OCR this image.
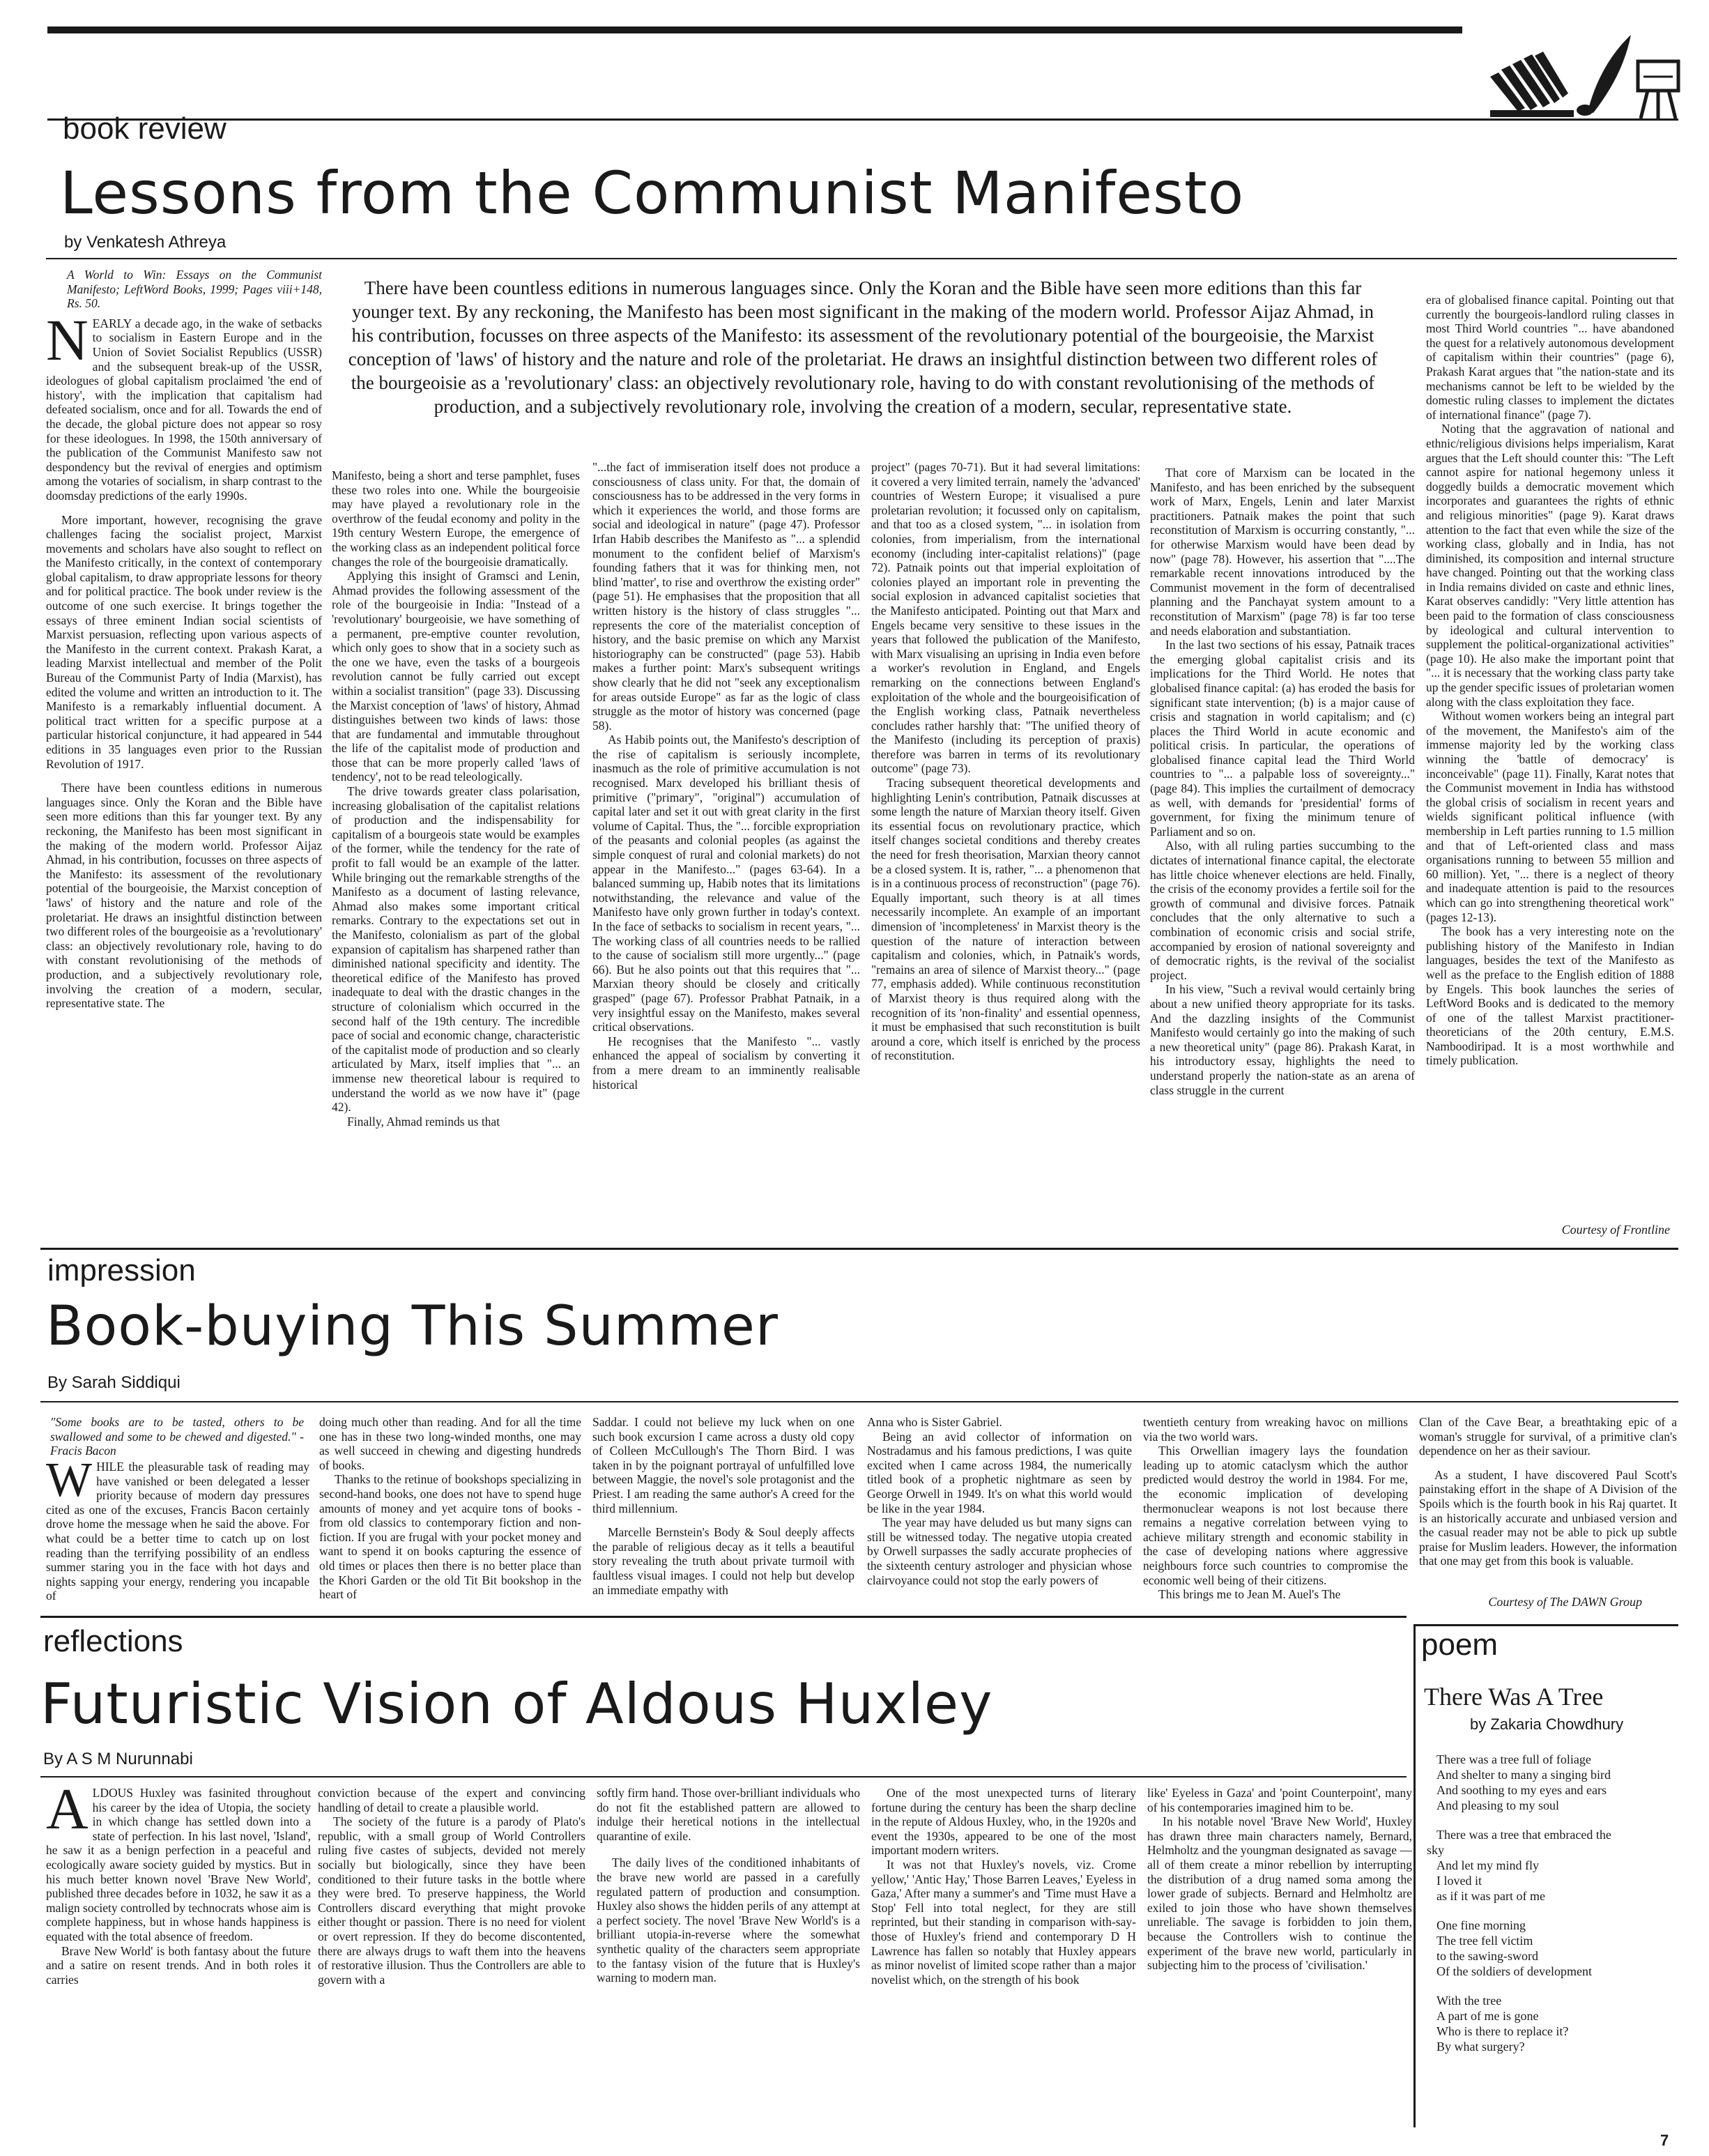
book review
Lessons from the Communist Manifesto
by Venkatesh Athreya

A World to Win: Essays on the Communist Manifesto; LeftWord Books, 1999; Pages viii+148, Rs. 50.

NEARLY a decade ago, in the wake of setbacks to socialism in Eastern Europe and in the Union of Soviet Socialist Republics (USSR) and the subsequent break-up of the USSR, ideologues of global capitalism proclaimed 'the end of history', with the implication that capitalism had defeated socialism, once and for all. Towards the end of the decade, the global picture does not appear so rosy for these ideologues. In 1998, the 150th anniversary of the publication of the Communist Manifesto saw not despondency but the revival of energies and optimism among the votaries of socialism, in sharp contrast to the doomsday predictions of the early 1990s.

More important, however, recognising the grave challenges facing the socialist project, Marxist movements and scholars have also sought to reflect on the Manifesto critically, in the context of contemporary global capitalism, to draw appropriate lessons for theory and for political practice. The book under review is the outcome of one such exercise. It brings together the essays of three eminent Indian social scientists of Marxist persuasion, reflecting upon various aspects of the Manifesto in the current context. Prakash Karat, a leading Marxist intellectual and member of the Polit Bureau of the Communist Party of India (Marxist), has edited the volume and written an introduction to it. The Manifesto is a remarkably influential document. A political tract written for a specific purpose at a particular historical conjuncture, it had appeared in 544 editions in 35 languages even prior to the Russian Revolution of 1917.

There have been countless editions in numerous languages since. Only the Koran and the Bible have seen more editions than this far younger text. By any reckoning, the Manifesto has been most significant in the making of the modern world. Professor Aijaz Ahmad, in his contribution, focusses on three aspects of the Manifesto: its assessment of the revolutionary potential of the bourgeoisie, the Marxist conception of 'laws' of history and the nature and role of the proletariat. He draws an insightful distinction between two different roles of the bourgeoisie as a 'revolutionary' class: an objectively revolutionary role, having to do with constant revolutionising of the methods of production, and a subjectively revolutionary role, involving the creation of a modern, secular, representative state. The

There have been countless editions in numerous languages since. Only the Koran and the Bible have seen more editions than this far younger text. By any reckoning, the Manifesto has been most significant in the making of the modern world. Professor Aijaz Ahmad, in his contribution, focusses on three aspects of the Manifesto: its assessment of the revolutionary potential of the bourgeoisie, the Marxist conception of 'laws' of history and the nature and role of the proletariat. He draws an insightful distinction between two different roles of the bourgeoisie as a 'revolutionary' class: an objectively revolutionary role, having to do with constant revolutionising of the methods of production, and a subjectively revolutionary role, involving the creation of a modern, secular, representative state.

Manifesto, being a short and terse pamphlet, fuses these two roles into one. While the bourgeoisie may have played a revolutionary role in the overthrow of the feudal economy and polity in the 19th century Western Europe, the emergence of the working class as an independent political force changes the role of the bourgeoisie dramatically.

Applying this insight of Gramsci and Lenin, Ahmad provides the following assessment of the role of the bourgeoisie in India: "Instead of a 'revolutionary' bourgeoisie, we have something of a permanent, pre-emptive counter revolution, which only goes to show that in a society such as the one we have, even the tasks of a bourgeois revolution cannot be fully carried out except within a socialist transition" (page 33). Discussing the Marxist conception of 'laws' of history, Ahmad distinguishes between two kinds of laws: those that are fundamental and immutable throughout the life of the capitalist mode of production and those that can be more properly called 'laws of tendency', not to be read teleologically.

The drive towards greater class polarisation, increasing globalisation of the capitalist relations of production and the indispensability for capitalism of a bourgeois state would be examples of the former, while the tendency for the rate of profit to fall would be an example of the latter. While bringing out the remarkable strengths of the Manifesto as a document of lasting relevance, Ahmad also makes some important critical remarks. Contrary to the expectations set out in the Manifesto, colonialism as part of the global expansion of capitalism has sharpened rather than diminished national specificity and identity. The theoretical edifice of the Manifesto has proved inadequate to deal with the drastic changes in the structure of colonialism which occurred in the second half of the 19th century. The incredible pace of social and economic change, characteristic of the capitalist mode of production and so clearly articulated by Marx, itself implies that "... an immense new theoretical labour is required to understand the world as we now have it" (page 42).

Finally, Ahmad reminds us that

"...the fact of immiseration itself does not produce a consciousness of class unity. For that, the domain of consciousness has to be addressed in the very forms in which it experiences the world, and those forms are social and ideological in nature" (page 47). Professor Irfan Habib describes the Manifesto as "... a splendid monument to the confident belief of Marxism's founding fathers that it was for thinking men, not blind 'matter', to rise and overthrow the existing order" (page 51). He emphasises that the proposition that all written history is the history of class struggles "... represents the core of the materialist conception of history, and the basic premise on which any Marxist historiography can be constructed" (page 53). Habib makes a further point: Marx's subsequent writings show clearly that he did not "seek any exceptionalism for areas outside Europe" as far as the logic of class struggle as the motor of history was concerned (page 58).

As Habib points out, the Manifesto's description of the rise of capitalism is seriously incomplete, inasmuch as the role of primitive accumulation is not recognised. Marx developed his brilliant thesis of primitive ("primary", "original") accumulation of capital later and set it out with great clarity in the first volume of Capital. Thus, the "... forcible expropriation of the peasants and colonial peoples (as against the simple conquest of rural and colonial markets) do not appear in the Manifesto..." (pages 63-64). In a balanced summing up, Habib notes that its limitations notwithstanding, the relevance and value of the Manifesto have only grown further in today's context. In the face of setbacks to socialism in recent years, "... The working class of all countries needs to be rallied to the cause of socialism still more urgently..." (page 66). But he also points out that this requires that "... Marxian theory should be closely and critically grasped" (page 67). Professor Prabhat Patnaik, in a very insightful essay on the Manifesto, makes several critical observations.

He recognises that the Manifesto "... vastly enhanced the appeal of socialism by converting it from a mere dream to an imminently realisable historical

project" (pages 70-71). But it had several limitations: it covered a very limited terrain, namely the 'advanced' countries of Western Europe; it visualised a pure proletarian revolution; it focussed only on capitalism, and that too as a closed system, "... in isolation from colonies, from imperialism, from the international economy (including inter-capitalist relations)" (page 72). Patnaik points out that imperial exploitation of colonies played an important role in preventing the social explosion in advanced capitalist societies that the Manifesto anticipated. Pointing out that Marx and Engels became very sensitive to these issues in the years that followed the publication of the Manifesto, with Marx visualising an uprising in India even before a worker's revolution in England, and Engels remarking on the connections between England's exploitation of the whole and the bourgeoisification of the English working class, Patnaik nevertheless concludes rather harshly that: "The unified theory of the Manifesto (including its perception of praxis) therefore was barren in terms of its revolutionary outcome" (page 73).

Tracing subsequent theoretical developments and highlighting Lenin's contribution, Patnaik discusses at some length the nature of Marxian theory itself. Given its essential focus on revolutionary practice, which itself changes societal conditions and thereby creates the need for fresh theorisation, Marxian theory cannot be a closed system. It is, rather, "... a phenomenon that is in a continuous process of reconstruction" (page 76). Equally important, such theory is at all times necessarily incomplete. An example of an important dimension of 'incompleteness' in Marxist theory is the question of the nature of interaction between capitalism and colonies, which, in Patnaik's words, "remains an area of silence of Marxist theory..." (page 77, emphasis added). While continuous reconstitution of Marxist theory is thus required along with the recognition of its 'non-finality' and essential openness, it must be emphasised that such reconstitution is built around a core, which itself is enriched by the process of reconstitution.

That core of Marxism can be located in the Manifesto, and has been enriched by the subsequent work of Marx, Engels, Lenin and later Marxist practitioners. Patnaik makes the point that such reconstitution of Marxism is occurring constantly, "... for otherwise Marxism would have been dead by now" (page 78). However, his assertion that "....The remarkable recent innovations introduced by the Communist movement in the form of decentralised planning and the Panchayat system amount to a reconstitution of Marxism" (page 78) is far too terse and needs elaboration and substantiation.

In the last two sections of his essay, Patnaik traces the emerging global capitalist crisis and its implications for the Third World. He notes that globalised finance capital: (a) has eroded the basis for significant state intervention; (b) is a major cause of crisis and stagnation in world capitalism; and (c) places the Third World in acute economic and political crisis. In particular, the operations of globalised finance capital lead the Third World countries to "... a palpable loss of sovereignty..." (page 84). This implies the curtailment of democracy as well, with demands for 'presidential' forms of government, for fixing the minimum tenure of Parliament and so on.

Also, with all ruling parties succumbing to the dictates of international finance capital, the electorate has little choice whenever elections are held. Finally, the crisis of the economy provides a fertile soil for the growth of communal and divisive forces. Patnaik concludes that the only alternative to such a combination of economic crisis and social strife, accompanied by erosion of national sovereignty and of democratic rights, is the revival of the socialist project.

In his view, "Such a revival would certainly bring about a new unified theory appropriate for its tasks. And the dazzling insights of the Communist Manifesto would certainly go into the making of such a new theoretical unity" (page 86). Prakash Karat, in his introductory essay, highlights the need to understand properly the nation-state as an arena of class struggle in the current

era of globalised finance capital. Pointing out that currently the bourgeois-landlord ruling classes in most Third World countries "... have abandoned the quest for a relatively autonomous development of capitalism within their countries" (page 6), Prakash Karat argues that "the nation-state and its mechanisms cannot be left to be wielded by the domestic ruling classes to implement the dictates of international finance" (page 7).

Noting that the aggravation of national and ethnic/religious divisions helps imperialism, Karat argues that the Left should counter this: "The Left cannot aspire for national hegemony unless it doggedly builds a democratic movement which incorporates and guarantees the rights of ethnic and religious minorities" (page 9). Karat draws attention to the fact that even while the size of the working class, globally and in India, has not diminished, its composition and internal structure have changed. Pointing out that the working class in India remains divided on caste and ethnic lines, Karat observes candidly: "Very little attention has been paid to the formation of class consciousness by ideological and cultural intervention to supplement the political-organizational activities" (page 10). He also make the important point that "... it is necessary that the working class party take up the gender specific issues of proletarian women along with the class exploitation they face.

Without women workers being an integral part of the movement, the Manifesto's aim of the immense majority led by the working class winning the 'battle of democracy' is inconceivable" (page 11). Finally, Karat notes that the Communist movement in India has withstood the global crisis of socialism in recent years and wields significant political influence (with membership in Left parties running to 1.5 million and that of Left-oriented class and mass organisations running to between 55 million and 60 million). Yet, "... there is a neglect of theory and inadequate attention is paid to the resources which can go into strengthening theoretical work" (pages 12-13).

The book has a very interesting note on the publishing history of the Manifesto in Indian languages, besides the text of the Manifesto as well as the preface to the English edition of 1888 by Engels. This book launches the series of LeftWord Books and is dedicated to the memory of one of the tallest Marxist practitioner-theoreticians of the 20th century, E.M.S. Namboodiripad. It is a most worthwhile and timely publication.

Courtesy of Frontline
impression
Book-buying This Summer
By Sarah Siddiqui

WHILE the pleasurable task of reading may have vanished or been delegated a lesser priority because of modern day pressures cited as one of the excuses, Francis Bacon certainly drove home the message when he said the above. For what could be a better time to catch up on lost reading than the terrifying possibility of an endless summer staring you in the face with hot days and nights sapping your energy, rendering you incapable of

"Some books are to be tasted, others to be swallowed and some to be chewed and digested." - Fracis Bacon

doing much other than reading. And for all the time one has in these two long-winded months, one may as well succeed in chewing and digesting hundreds of books.

Thanks to the retinue of bookshops specializing in second-hand books, one does not have to spend huge amounts of money and yet acquire tons of books - from old classics to contemporary fiction and non-fiction. If you are frugal with your pocket money and want to spend it on books capturing the essence of old times or places then there is no better place than the Khori Garden or the old Tit Bit bookshop in the heart of

Saddar. I could not believe my luck when on one such book excursion I came across a dusty old copy of Colleen McCullough's The Thorn Bird. I was taken in by the poignant portrayal of unfulfilled love between Maggie, the novel's sole protagonist and the Priest. I am reading the same author's A creed for the third millennium.

Marcelle Bernstein's Body & Soul deeply affects the parable of religious decay as it tells a beautiful story revealing the truth about private turmoil with faultless visual images. I could not help but develop an immediate empathy with

Anna who is Sister Gabriel.

Being an avid collector of information on Nostradamus and his famous predictions, I was quite excited when I came across 1984, the numerically titled book of a prophetic nightmare as seen by George Orwell in 1949. It's on what this world would be like in the year 1984.

The year may have deluded us but many signs can still be witnessed today. The negative utopia created by Orwell surpasses the sadly accurate prophecies of the sixteenth century astrologer and physician whose clairvoyance could not stop the early powers of

twentieth century from wreaking havoc on millions via the two world wars.

This Orwellian imagery lays the foundation leading up to atomic cataclysm which the author predicted would destroy the world in 1984. For me, the economic implication of developing thermonuclear weapons is not lost because there remains a negative correlation between vying to achieve military strength and economic stability in the case of developing nations where aggressive neighbours force such countries to compromise the economic well being of their citizens.

This brings me to Jean M. Auel's The

Clan of the Cave Bear, a breathtaking epic of a woman's struggle for survival, of a primitive clan's dependence on her as their saviour.

As a student, I have discovered Paul Scott's painstaking effort in the shape of A Division of the Spoils which is the fourth book in his Raj quartet. It is an historically accurate and unbiased version and the casual reader may not be able to pick up subtle praise for Muslim leaders. However, the information that one may get from this book is valuable.

Courtesy of The DAWN Group
reflections
Futuristic Vision of Aldous Huxley
By A S M Nurunnabi

ALDOUS Huxley was fasinited throughout his career by the idea of Utopia, the society in which change has settled down into a state of perfection. In his last novel, 'Island', he saw it as a benign perfection in a peaceful and ecologically aware society guided by mystics. But in his much better known novel 'Brave New World', published three decades before in 1032, he saw it as a malign society controlled by technocrats whose aim is complete happiness, but in whose hands happiness is equated with the total absence of freedom.

Brave New World' is both fantasy about the future and a satire on resent trends. And in both roles it carries

conviction because of the expert and convincing handling of detail to create a plausible world.

The society of the future is a parody of Plato's republic, with a small group of World Controllers ruling five castes of subjects, devided not merely socially but biologically, since they have been conditioned to their future tasks in the bottle where they were bred. To preserve happiness, the World Controllers discard everything that might provoke either thought or passion. There is no need for violent or overt repression. If they do become discontented, there are always drugs to waft them into the heavens of restorative illusion. Thus the Controllers are able to govern with a

softly firm hand. Those over-brilliant individuals who do not fit the established pattern are allowed to indulge their heretical notions in the intellectual quarantine of exile.

The daily lives of the conditioned inhabitants of the brave new world are passed in a carefully regulated pattern of production and consumption. Huxley also shows the hidden perils of any attempt at a perfect society. The novel 'Brave New World's is a brilliant utopia-in-reverse where the somewhat synthetic quality of the characters seem appropriate to the fantasy vision of the future that is Huxley's warning to modern man.

One of the most unexpected turns of literary fortune during the century has been the sharp decline in the repute of Aldous Huxley, who, in the 1920s and event the 1930s, appeared to be one of the most important modern writers.

It was not that Huxley's novels, viz. Crome yellow,' 'Antic Hay,' Those Barren Leaves,' Eyeless in Gaza,' After many a summer's and 'Time must Have a Stop' Fell into total neglect, for they are still reprinted, but their standing in comparison with-say-those of Huxley's friend and contemporary D H Lawrence has fallen so notably that Huxley appears as minor novelist of limited scope rather than a major novelist which, on the strength of his book

like' Eyeless in Gaza' and 'point Counterpoint', many of his contemporaries imagined him to be.

In his notable novel 'Brave New World', Huxley has drawn three main characters namely, Bernard, Helmholtz and the youngman designated as savage — all of them create a minor rebellion by interrupting the distribution of a drug named soma among the lower grade of subjects. Bernard and Helmholtz are exiled to join those who have shown themselves unreliable. The savage is forbidden to join them, because the Controllers wish to continue the experiment of the brave new world, particularly in subjecting him to the process of 'civilisation.'

poem
There Was A Tree
by Zakaria Chowdhury
There was a tree full of foliage
And shelter to many a singing bird
And soothing to my eyes and ears
And pleasing to my soul
There was a tree that embraced the
sky
And let my mind fly
I loved it
as if it was part of me
One fine morning
The tree fell victim
to the sawing-sword
Of the soldiers of development
With the tree
A part of me is gone
Who is there to replace it?
By what surgery?
7
